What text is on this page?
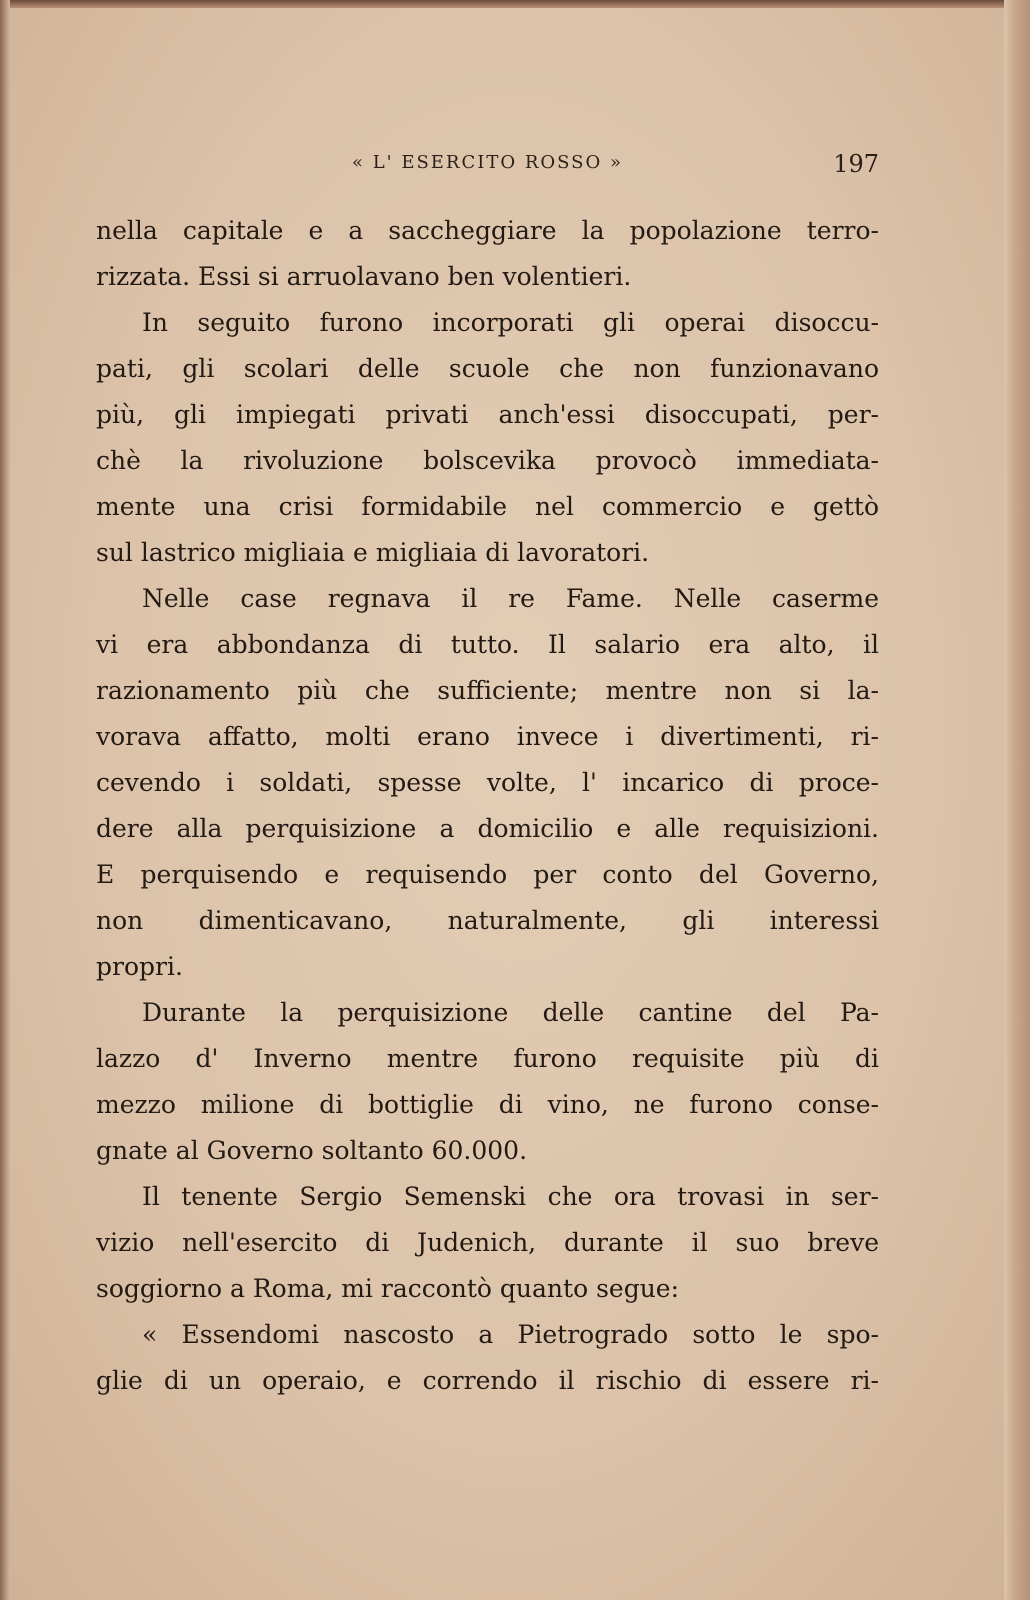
« L' ESERCITO ROSSO »	197

nella capitale e a saccheggiare la popolazione terro-
rizzata. Essi si arruolavano ben volentieri.

In seguito furono incorporati gli operai disoccu-
pati, gli scolari delle scuole che non funzionavano
più, gli impiegati privati anch'essi disoccupati, per-
chè la rivoluzione bolscevika provocò immediata-
mente una crisi formidabile nel commercio e gettò
sul lastrico migliaia e migliaia di lavoratori.

Nelle case regnava il re Fame. Nelle caserme
vi era abbondanza di tutto. Il salario era alto, il
razionamento più che sufficiente; mentre non si la-
vorava affatto, molti erano invece i divertimenti, ri-
cevendo i soldati, spesse volte, l' incarico di proce-
dere alla perquisizione a domicilio e alle requisizioni.
E perquisendo e requisendo per conto del Governo,
non dimenticavano, naturalmente, gli interessi
propri.

Durante la perquisizione delle cantine del Pa-
lazzo d' Inverno mentre furono requisite più di
mezzo milione di bottiglie di vino, ne furono conse-
gnate al Governo soltanto 60.000.

Il tenente Sergio Semenski che ora trovasi in ser-
vizio nell'esercito di Judenich, durante il suo breve
soggiorno a Roma, mi raccontò quanto segue:

« Essendomi nascosto a Pietrogrado sotto le spo-
glie di un operaio, e correndo il rischio di essere ri-
